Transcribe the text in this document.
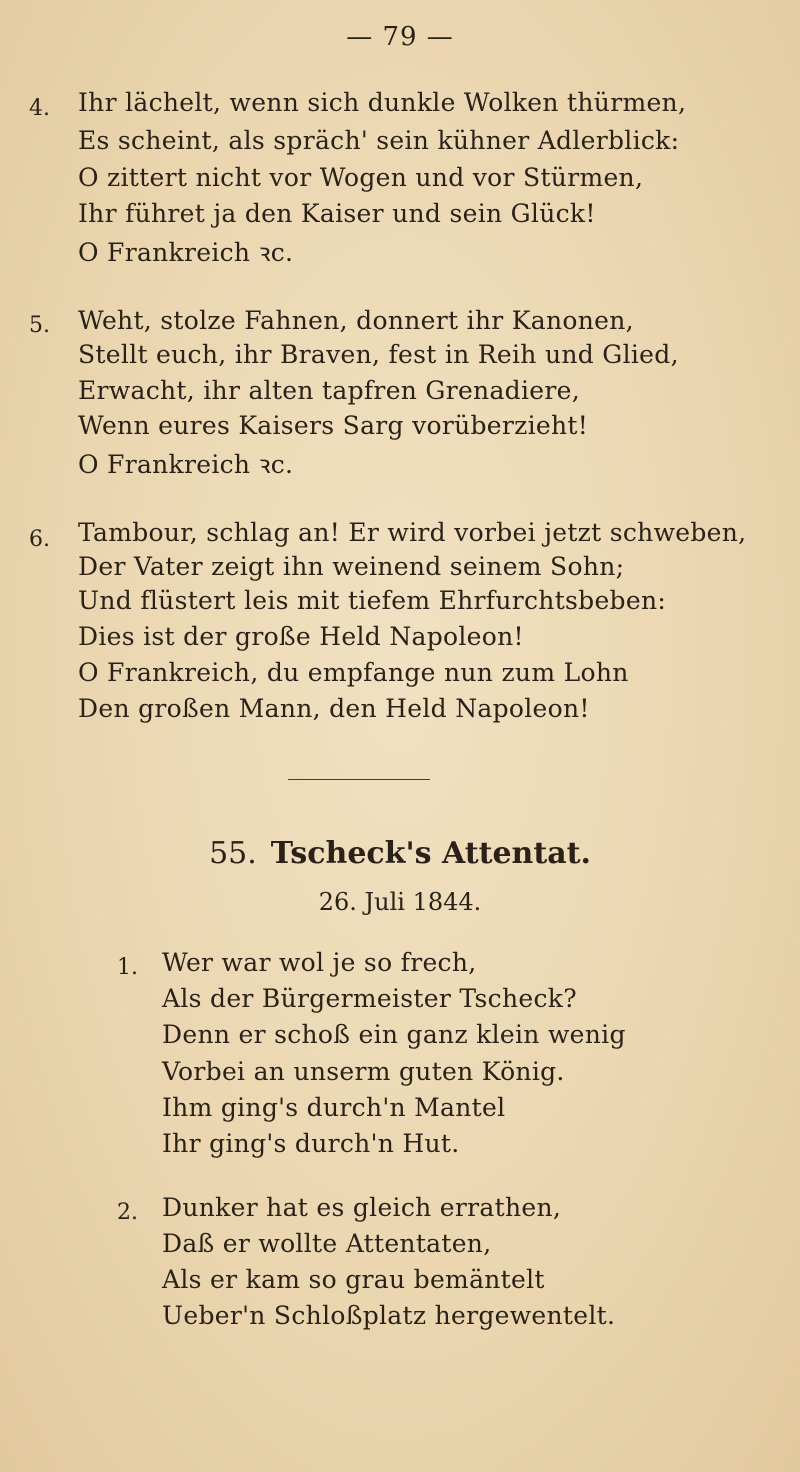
— 79 —
4. Ihr lächelt, wenn sich dunkle Wolken thürmen,
Es scheint, als spräch' sein kühner Adlerblick:
O zittert nicht vor Wogen und vor Stürmen,
Ihr führet ja den Kaiser und sein Glück!
O Frankreich ꝛc.
5. Weht, stolze Fahnen, donnert ihr Kanonen,
Stellt euch, ihr Braven, fest in Reih und Glied,
Erwacht, ihr alten tapfren Grenadiere,
Wenn eures Kaisers Sarg vorüberzieht!
O Frankreich ꝛc.
6. Tambour, schlag an! Er wird vorbei jetzt schweben,
Der Vater zeigt ihn weinend seinem Sohn;
Und flüstert leis mit tiefem Ehrfurchtsbeben:
Dies ist der große Held Napoleon!
O Frankreich, du empfange nun zum Lohn
Den großen Mann, den Held Napoleon!
55. Tscheck's Attentat.
26. Juli 1844.
1. Wer war wol je so frech,
Als der Bürgermeister Tscheck?
Denn er schoß ein ganz klein wenig
Vorbei an unserm guten König.
Ihm ging's durch'n Mantel
Ihr ging's durch'n Hut.
2. Dunker hat es gleich errathen,
Daß er wollte Attentaten,
Als er kam so grau bemäntelt
Ueber'n Schloßplatz hergewentelt.
